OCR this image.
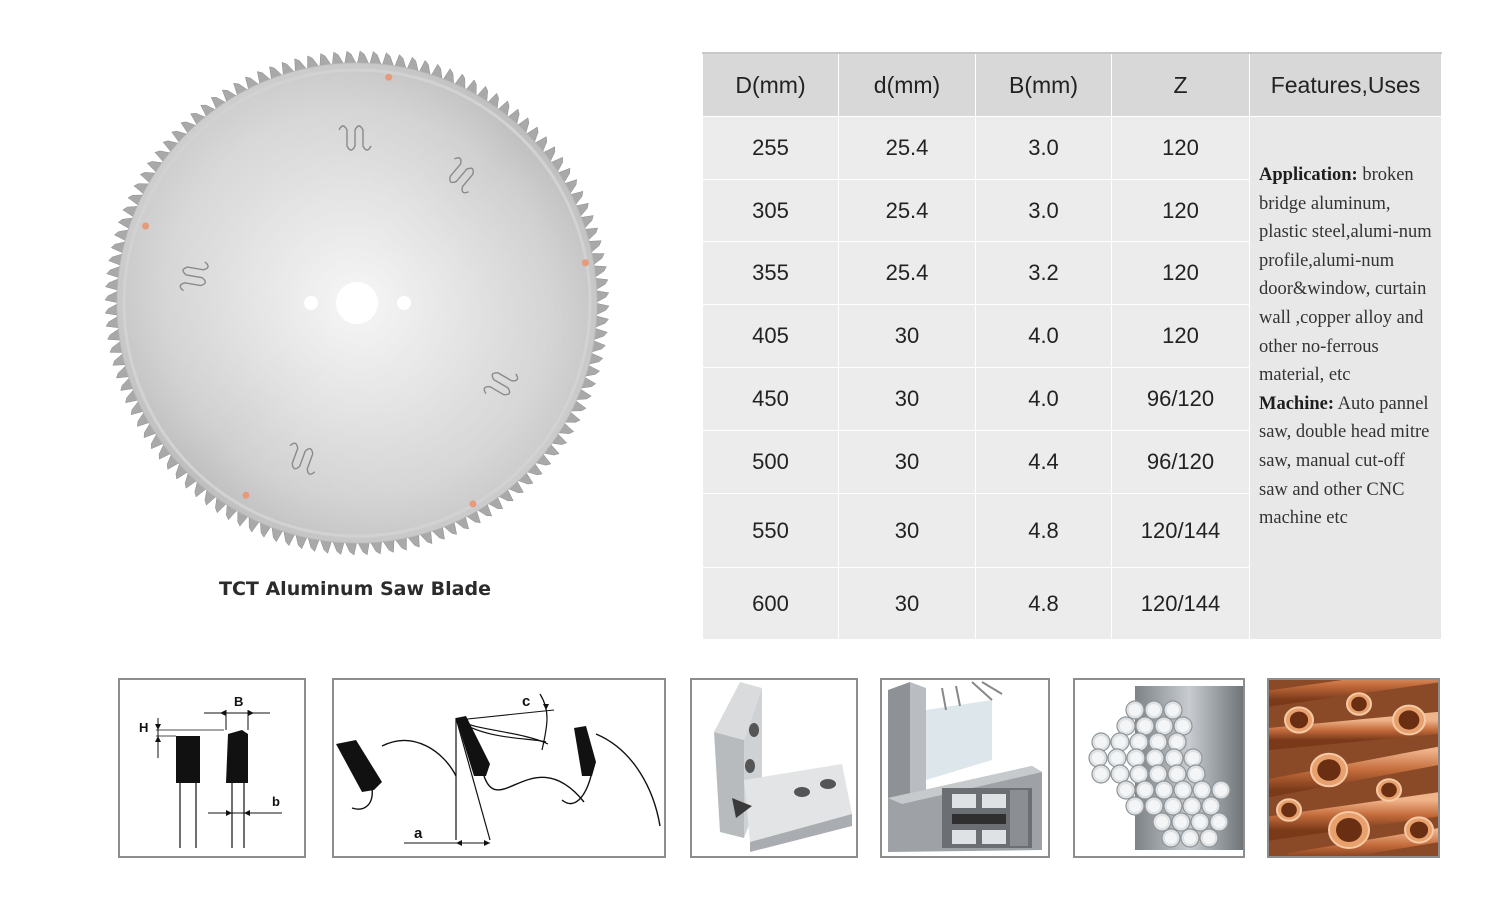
TCT Aluminum Saw Blade
D(mm)	d(mm)	B(mm)	Z	Features,Uses
255	25.4	3.0	120	Application: broken bridge aluminum, plastic steel,alumi-num profile,alumi-num door&window, curtain wall ,copper alloy and other no-ferrous material, etc
Machine: Auto pannel saw, double head mitre saw, manual cut-off saw and other CNC machine etc
305	25.4	3.0	120	
355	25.4	3.2	120	
405	30	4.0	120	
450	30	4.0	96/120	
500	30	4.4	96/120	
550	30	4.8	120/144	
600	30	4.8	120/144	
B
H
b
c
a
